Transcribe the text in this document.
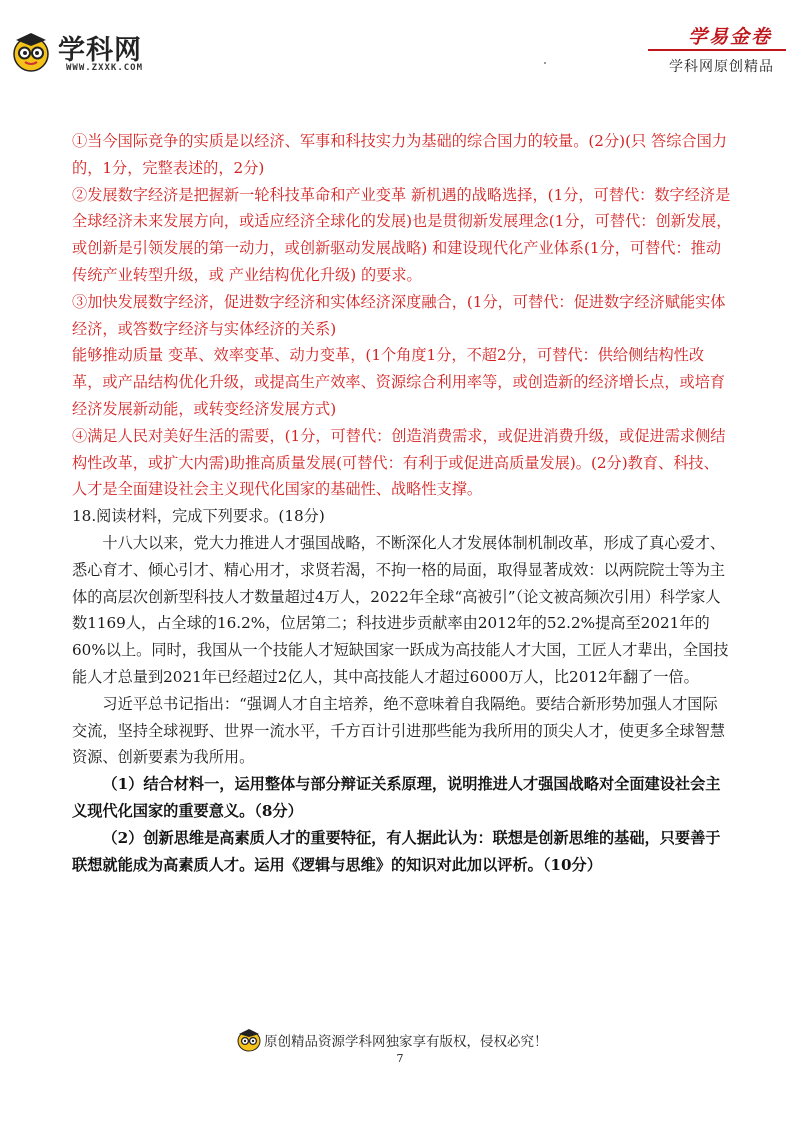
学科网
WWW.ZXXK.COM
学易金卷
学科网原创精品

①当今国际竞争的实质是以经济、军事和科技实力为基础的综合国力的较量。(2分)(只 答综合国力的，1分，完整表述的，2分)

②发展数字经济是把握新一轮科技革命和产业变革 新机遇的战略选择，(1分，可替代：数字经济是全球经济未来发展方向，或适应经济全球化的发展)也是贯彻新发展理念(1分，可替代：创新发展，或创新是引领发展的第一动力，或创新驱动发展战略) 和建设现代化产业体系(1分，可替代：推动传统产业转型升级，或 产业结构优化升级) 的要求。

③加快发展数字经济，促进数字经济和实体经济深度融合，(1分，可替代：促进数字经济赋能实体经济，或答数字经济与实体经济的关系)

能够推动质量 变革、效率变革、动力变革，(1个角度1分，不超2分，可替代：供给侧结构性改革，或产品结构优化升级，或提高生产效率、资源综合利用率等，或创造新的经济增长点，或培育经济发展新动能，或转变经济发展方式)

④满足人民对美好生活的需要，(1分，可替代：创造消费需求，或促进消费升级，或促进需求侧结构性改革，或扩大内需)助推高质量发展(可替代：有利于或促进高质量发展)。(2分)教育、科技、人才是全面建设社会主义现代化国家的基础性、战略性支撑。

18.阅读材料，完成下列要求。(18分)

十八大以来，党大力推进人才强国战略，不断深化人才发展体制机制改革，形成了真心爱才、悉心育才、倾心引才、精心用才，求贤若渴，不拘一格的局面，取得显著成效：以两院院士等为主体的高层次创新型科技人才数量超过4万人，2022年全球“高被引”（论文被高频次引用）科学家人数1169人，占全球的16.2%，位居第二；科技进步贡献率由2012年的52.2%提高至2021年的60%以上。同时，我国从一个技能人才短缺国家一跃成为高技能人才大国，工匠人才辈出，全国技能人才总量到2021年已经超过2亿人，其中高技能人才超过6000万人，比2012年翻了一倍。

习近平总书记指出：“强调人才自主培养，绝不意味着自我隔绝。要结合新形势加强人才国际交流，坚持全球视野、世界一流水平，千方百计引进那些能为我所用的顶尖人才，使更多全球智慧资源、创新要素为我所用。

（1）结合材料一，运用整体与部分辩证关系原理，说明推进人才强国战略对全面建设社会主义现代化国家的重要意义。（8分）

（2）创新思维是高素质人才的重要特征，有人据此认为：联想是创新思维的基础，只要善于联想就能成为高素质人才。运用《逻辑与思维》的知识对此加以评析。（10分）

原创精品资源学科网独家享有版权，侵权必究！
7
